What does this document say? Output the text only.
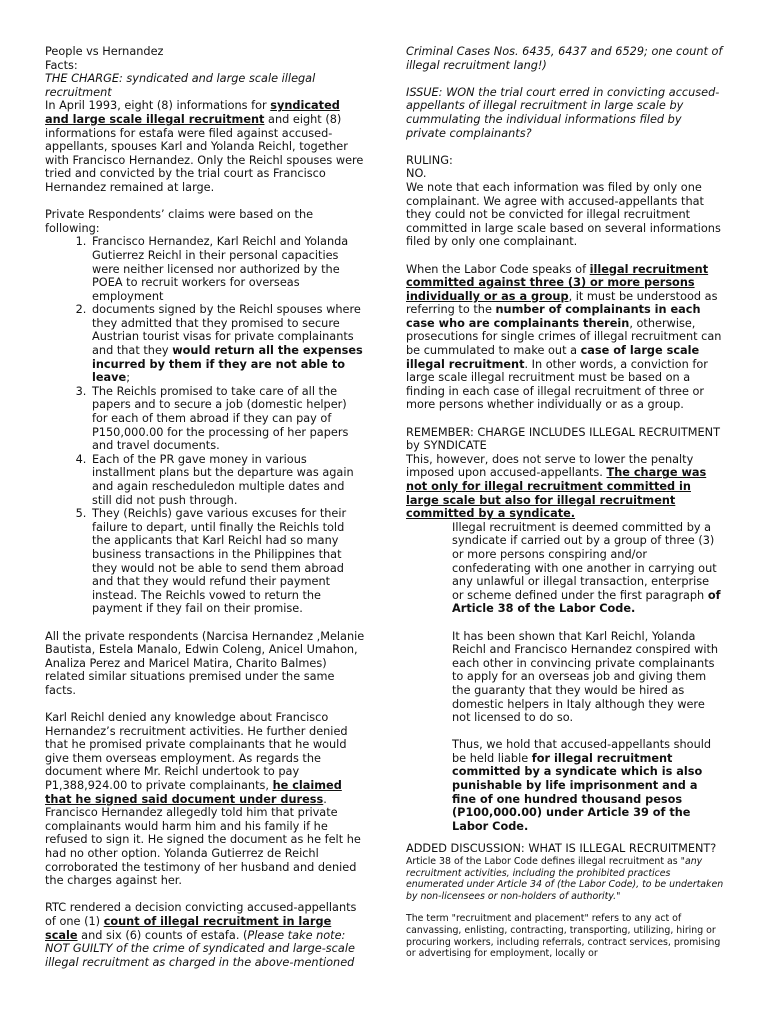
People vs Hernandez

Facts:

THE CHARGE: syndicated and large scale illegal recruitment

In April 1993, eight (8) informations for syndicated and large scale illegal recruitment and eight (8) informations for estafa were filed against accused-appellants, spouses Karl and Yolanda Reichl, together with Francisco Hernandez. Only the Reichl spouses were tried and convicted by the trial court as Francisco Hernandez remained at large.

Private Respondents’ claims were based on the following:

1. Francisco Hernandez, Karl Reichl and Yolanda Gutierrez Reichl in their personal capacities were neither licensed nor authorized by the POEA to recruit workers for overseas employment
2. documents signed by the Reichl spouses where they admitted that they promised to secure Austrian tourist visas for private complainants and that they would return all the expenses incurred by them if they are not able to leave;
3. The Reichls promised to take care of all the papers and to secure a job (domestic helper) for each of them abroad if they can pay of P150,000.00 for the processing of her papers and travel documents.
4. Each of the PR gave money in various installment plans but the departure was again and again rescheduledon multiple dates and still did not push through.
5. They (Reichls) gave various excuses for their failure to depart, until finally the Reichls told the applicants that Karl Reichl had so many business transactions in the Philippines that they would not be able to send them abroad and that they would refund their payment instead. The Reichls vowed to return the payment if they fail on their promise.

All the private respondents (Narcisa Hernandez ,Melanie Bautista, Estela Manalo, Edwin Coleng, Anicel Umahon, Analiza Perez and Maricel Matira, Charito Balmes) related similar situations premised under the same facts.

Karl Reichl denied any knowledge about Francisco Hernandez’s recruitment activities. He further denied that he promised private complainants that he would give them overseas employment. As regards the document where Mr. Reichl undertook to pay P1,388,924.00 to private complainants, he claimed that he signed said document under duress. Francisco Hernandez allegedly told him that private complainants would harm him and his family if he refused to sign it. He signed the document as he felt he had no other option. Yolanda Gutierrez de Reichl corroborated the testimony of her husband and denied the charges against her.

RTC rendered a decision convicting accused-appellants of one (1) count of illegal recruitment in large scale and six (6) counts of estafa. (Please take note: NOT GUILTY of the crime of syndicated and large-scale illegal recruitment as charged in the above-mentioned

Criminal Cases Nos. 6435, 6437 and 6529; one count of illegal recruitment lang!)

ISSUE: WON the trial court erred in convicting accused-appellants of illegal recruitment in large scale by cummulating the individual informations filed by private complainants?

RULING:

NO.

We note that each information was filed by only one complainant. We agree with accused-appellants that they could not be convicted for illegal recruitment committed in large scale based on several informations filed by only one complainant.

When the Labor Code speaks of illegal recruitment committed against three (3) or more persons individually or as a group, it must be understood as referring to the number of complainants in each case who are complainants therein, otherwise, prosecutions for single crimes of illegal recruitment can be cummulated to make out a case of large scale illegal recruitment. In other words, a conviction for large scale illegal recruitment must be based on a finding in each case of illegal recruitment of three or more persons whether individually or as a group.

REMEMBER: CHARGE INCLUDES ILLEGAL RECRUITMENT by SYNDICATE

This, however, does not serve to lower the penalty imposed upon accused-appellants. The charge was not only for illegal recruitment committed in large scale but also for illegal recruitment committed by a syndicate.

Illegal recruitment is deemed committed by a syndicate if carried out by a group of three (3) or more persons conspiring and/or confederating with one another in carrying out any unlawful or illegal transaction, enterprise or scheme defined under the first paragraph of Article 38 of the Labor Code.

It has been shown that Karl Reichl, Yolanda Reichl and Francisco Hernandez conspired with each other in convincing private complainants to apply for an overseas job and giving them the guaranty that they would be hired as domestic helpers in Italy although they were not licensed to do so.

Thus, we hold that accused-appellants should be held liable for illegal recruitment committed by a syndicate which is also punishable by life imprisonment and a fine of one hundred thousand pesos (P100,000.00) under Article 39 of the Labor Code.

ADDED DISCUSSION: WHAT IS ILLEGAL RECRUITMENT?

Article 38 of the Labor Code defines illegal recruitment as "any recruitment activities, including the prohibited practices enumerated under Article 34 of (the Labor Code), to be undertaken by non-licensees or non-holders of authority."

The term "recruitment and placement" refers to any act of canvassing, enlisting, contracting, transporting, utilizing, hiring or procuring workers, including referrals, contract services, promising or advertising for employment, locally or
